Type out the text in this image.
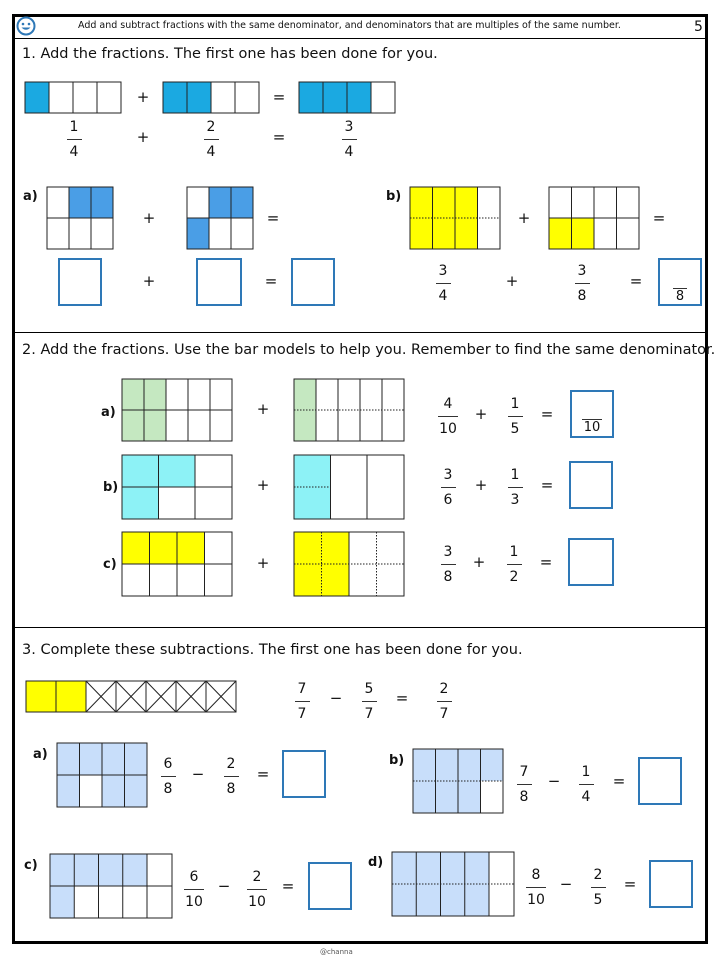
Add and subtract fractions with the same denominator, and denominators that are multiples of the same number.	5
1. Add the fractions. The first one has been done for you.
+	=
1
4
+
2
4
=
3
4
a)
+	=
+	=
b)
+	=
3
4
+
3
8
=
8
2. Add the fractions. Use the bar models to help you. Remember to find the same denominator.
a)	+	4
10
+
1
5
=
10
b)	+
3
6
+
1
3
=
c)	+
3
8
+
1
2
=
3. Complete these subtractions. The first one has been done for you.
7
7
− 5
7
= 2
7
a)
6
8
−
2
8
=
b)
7
8
− 1
4
=
c)
6
10
− 2
10
=
d)
8
10
− 2
5
=
@channa
